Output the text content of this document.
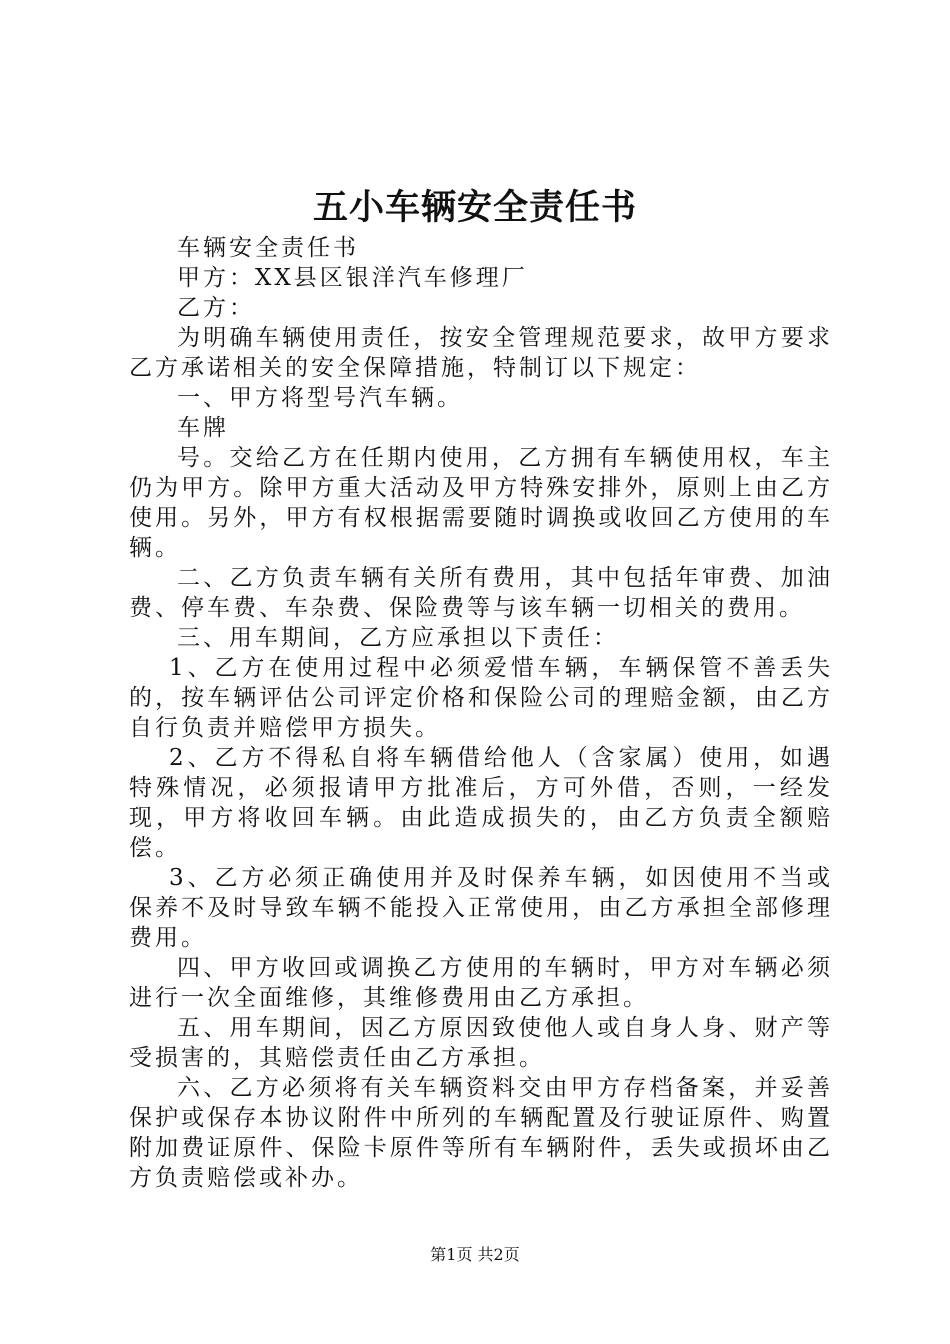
五小车辆安全责任书

车辆安全责任书

甲方：XX县区银洋汽车修理厂

乙方：

为明确车辆使用责任，按安全管理规范要求，故甲方要求乙方承诺相关的安全保障措施，特制订以下规定：

一、甲方将型号汽车辆。

车牌

号。交给乙方在任期内使用，乙方拥有车辆使用权，车主仍为甲方。除甲方重大活动及甲方特殊安排外，原则上由乙方使用。另外，甲方有权根据需要随时调换或收回乙方使用的车辆。

二、乙方负责车辆有关所有费用，其中包括年审费、加油费、停车费、车杂费、保险费等与该车辆一切相关的费用。

三、用车期间，乙方应承担以下责任：

1、乙方在使用过程中必须爱惜车辆，车辆保管不善丢失的，按车辆评估公司评定价格和保险公司的理赔金额，由乙方自行负责并赔偿甲方损失。

2、乙方不得私自将车辆借给他人（含家属）使用，如遇特殊情况，必须报请甲方批准后，方可外借，否则，一经发现，甲方将收回车辆。由此造成损失的，由乙方负责全额赔偿。

3、乙方必须正确使用并及时保养车辆，如因使用不当或保养不及时导致车辆不能投入正常使用，由乙方承担全部修理费用。

四、甲方收回或调换乙方使用的车辆时，甲方对车辆必须进行一次全面维修，其维修费用由乙方承担。

五、用车期间，因乙方原因致使他人或自身人身、财产等受损害的，其赔偿责任由乙方承担。

六、乙方必须将有关车辆资料交由甲方存档备案，并妥善保护或保存本协议附件中所列的车辆配置及行驶证原件、购置附加费证原件、保险卡原件等所有车辆附件，丢失或损坏由乙方负责赔偿或补办。

第1页 共2页
